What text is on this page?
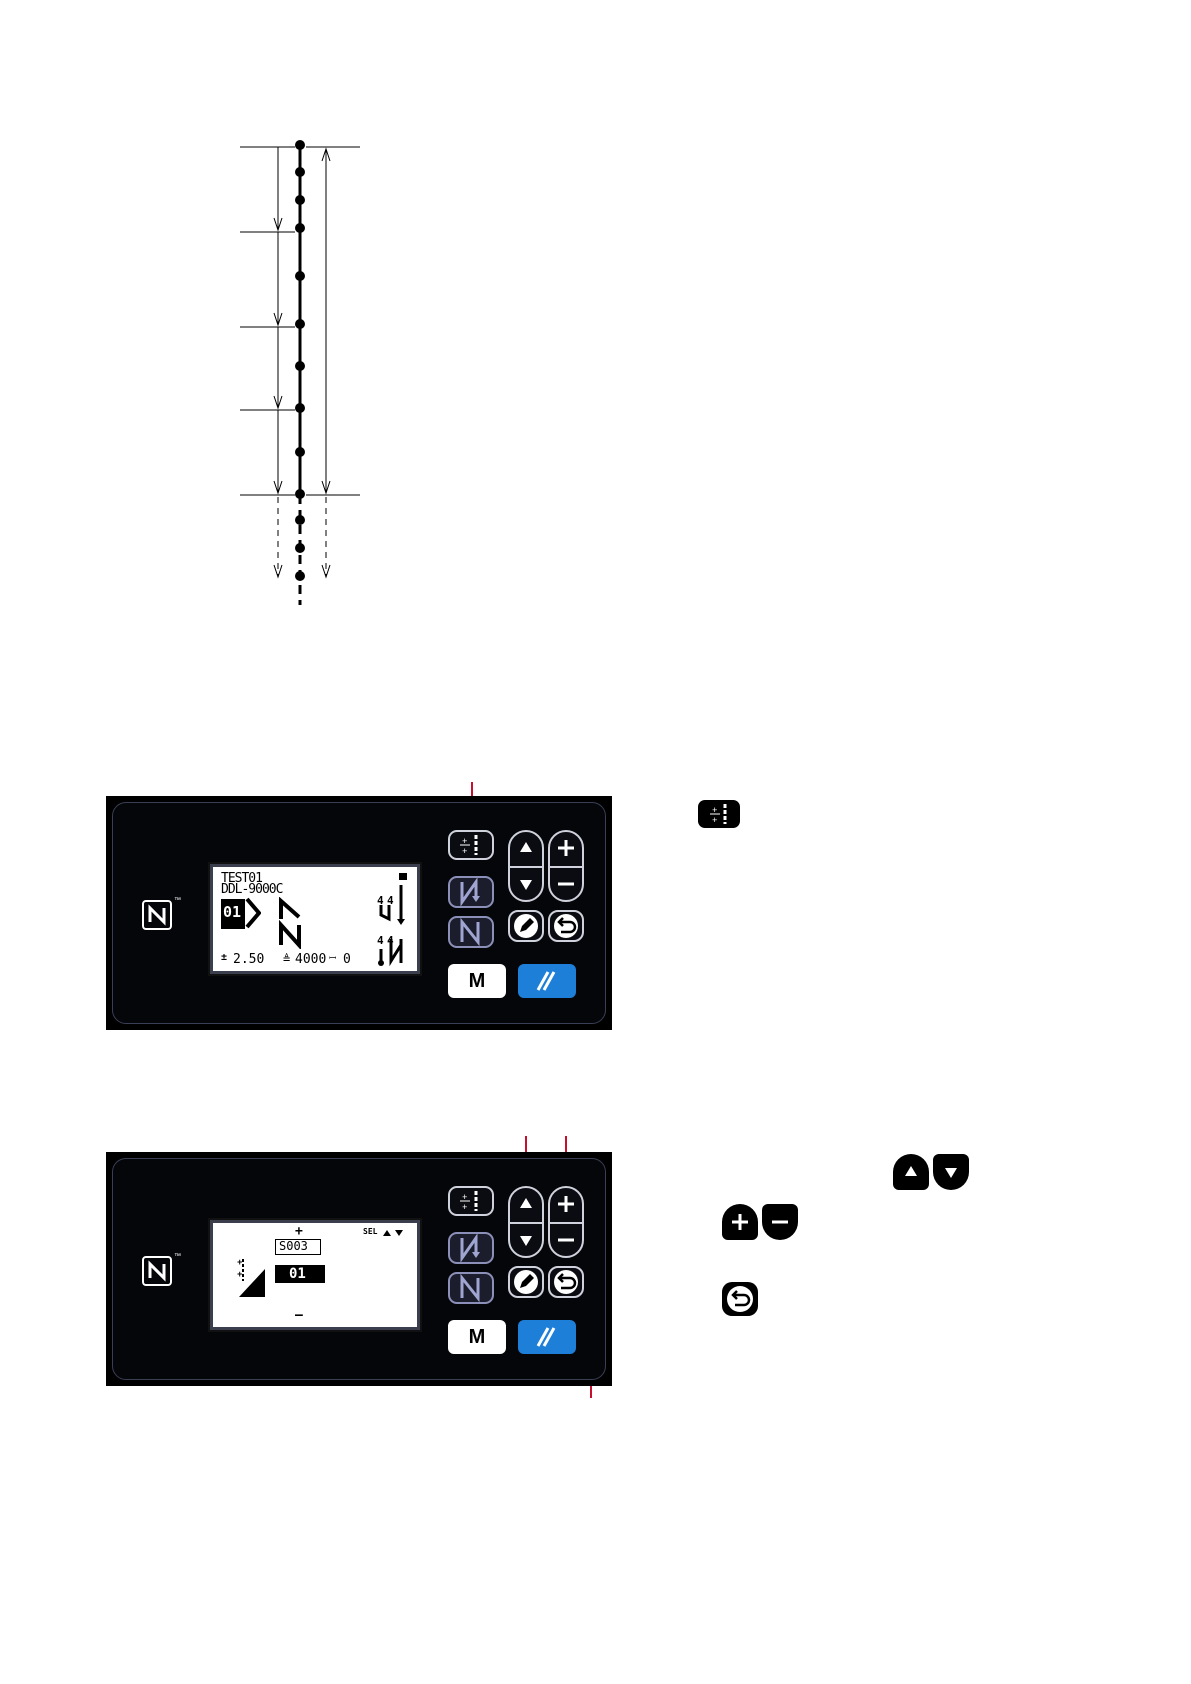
™
TEST01
DDL-9000C
01
4 4
4 4
± 2.50 ≜ 4000 ꟷ 0
+
+
M
+
+
™
+	SEL
S003
01
+
+
CP
–
+
+
M
